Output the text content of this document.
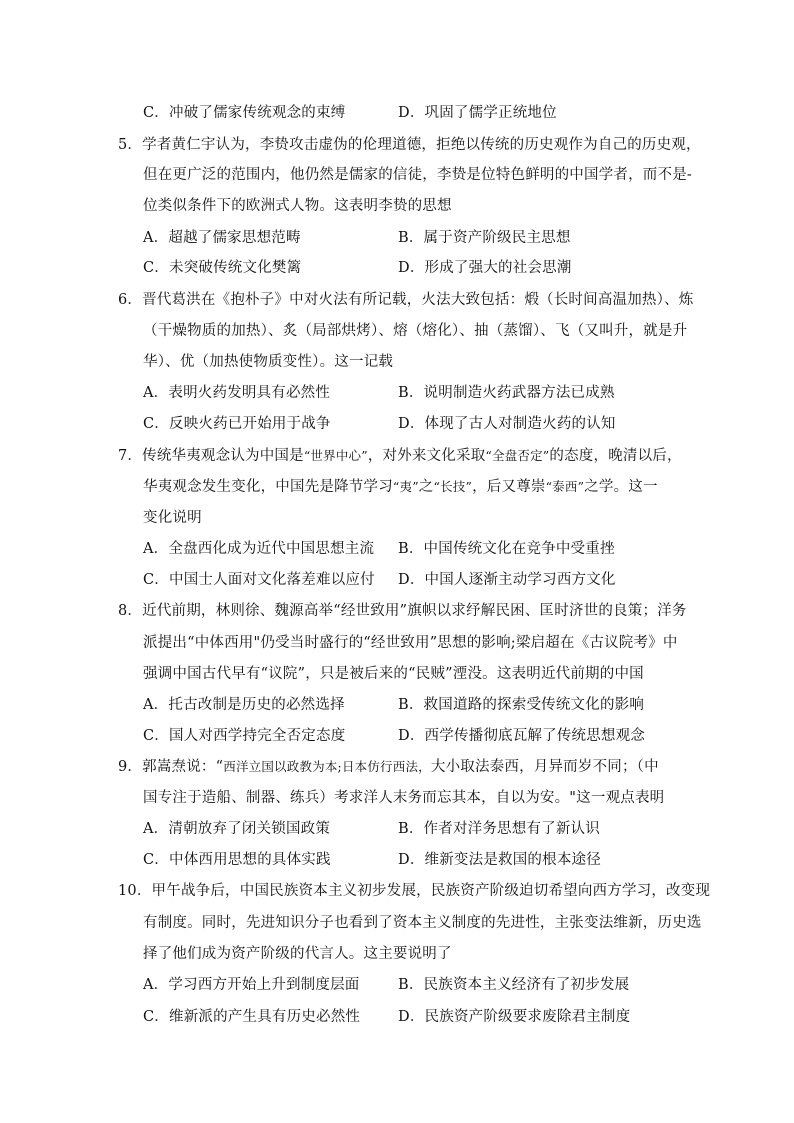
C．冲破了儒家传统观念的束缚	D．巩固了儒学正统地位
5．学者黄仁宇认为，李贽攻击虚伪的伦理道德，拒绝以传统的历史观作为自己的历史观，
但在更广泛的范围内，他仍然是儒家的信徒，李贽是位特色鲜明的中国学者，而不是-
位类似条件下的欧洲式人物。这表明李贽的思想
A．超越了儒家思想范畴	B．属于资产阶级民主思想
C．未突破传统文化樊篱	D．形成了强大的社会思潮
6．晋代葛洪在《抱朴子》中对火法有所记载，火法大致包括：煅（长时间高温加热）、炼
（干燥物质的加热）、炙（局部烘烤）、熔（熔化）、抽（蒸馏）、飞（又叫升，就是升
华）、优（加热使物质变性）。这一记载
A．表明火药发明具有必然性	B．说明制造火药武器方法已成熟
C．反映火药已开始用于战争	D．体现了古人对制造火药的认知
7．传统华夷观念认为中国是“世界中心”，对外来文化采取“全盘否定”的态度，晚清以后，
华夷观念发生变化，中国先是降节学习“夷”之“长技”，后又尊崇“泰西”之学。这一
变化说明
A．全盘西化成为近代中国思想主流 B．中国传统文化在竞争中受重挫
C．中国士人面对文化落差难以应付 D．中国人逐渐主动学习西方文化
8．近代前期，林则徐、魏源高举“经世致用”旗帜以求纾解民困、匡时济世的良策；洋务
派提出“中体西用"仍受当时盛行的“经世致用”思想的影响;梁启超在《古议院考》中
强调中国古代早有“议院”，只是被后来的“民贼”湮没。这表明近代前期的中国
A．托古改制是历史的必然选择	B．救国道路的探索受传统文化的影响
C．国人对西学持完全否定态度	D．西学传播彻底瓦解了传统思想观念
9．郭嵩焘说：“西洋立国以政教为本;日本仿行西法，大小取法泰西，月异而岁不同；（中
国专注于造船、制器、练兵）考求洋人末务而忘其本，自以为安。"这一观点表明
A．清朝放弃了闭关锁国政策	B．作者对洋务思想有了新认识
C．中体西用思想的具体实践	D．维新变法是救国的根本途径
10．甲午战争后，中国民族资本主义初步发展，民族资产阶级迫切希望向西方学习，改变现
有制度。同时，先进知识分子也看到了资本主义制度的先进性，主张变法维新，历史选
择了他们成为资产阶级的代言人。这主要说明了
A．学习西方开始上升到制度层面	B．民族资本主义经济有了初步发展
C．维新派的产生具有历史必然性	D．民族资产阶级要求废除君主制度
